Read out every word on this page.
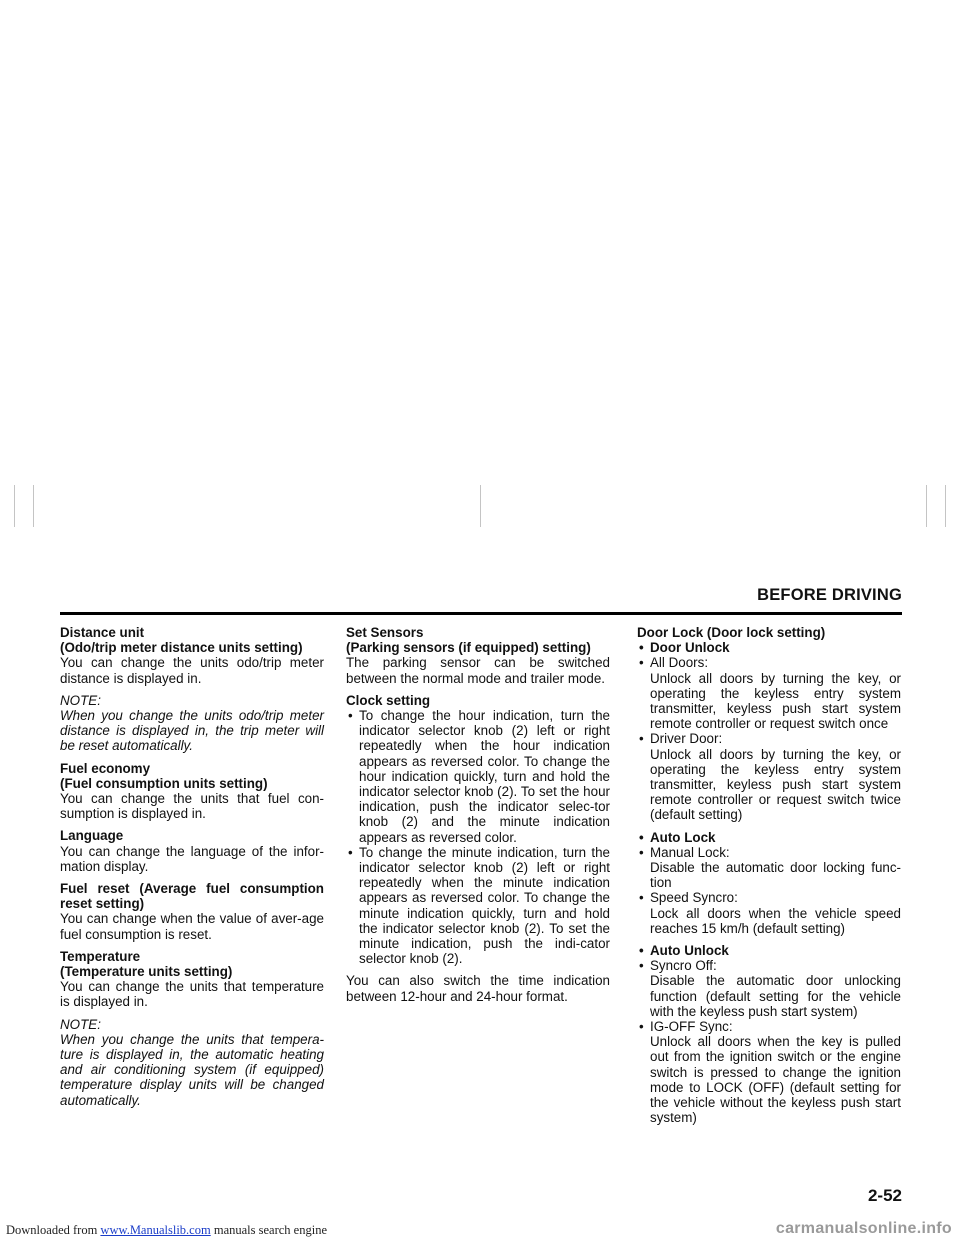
BEFORE DRIVING

Distance unit

(Odo/trip meter distance units setting)

You can change the units odo/trip meter distance is displayed in.

NOTE:
When you change the units odo/trip meter distance is displayed in, the trip meter will be reset automatically.

Fuel economy

(Fuel consumption units setting)

You can change the units that fuel con-sumption is displayed in.

Language

You can change the language of the infor-mation display.

Fuel reset (Average fuel consumption reset setting)

You can change when the value of aver-age fuel consumption is reset.

Temperature

(Temperature units setting)

You can change the units that temperature is displayed in.

NOTE:
When you change the units that tempera-ture is displayed in, the automatic heating and air conditioning system (if equipped) temperature display units will be changed automatically.

Set Sensors

(Parking sensors (if equipped) setting)

The parking sensor can be switched between the normal mode and trailer mode.

Clock setting

• To change the hour indication, turn the indicator selector knob (2) left or right repeatedly when the hour indication appears as reversed color. To change the hour indication quickly, turn and hold the indicator selector knob (2). To set the hour indication, push the indicator selec-tor knob (2) and the minute indication appears as reversed color.
• To change the minute indication, turn the indicator selector knob (2) left or right repeatedly when the minute indication appears as reversed color. To change the minute indication quickly, turn and hold the indicator selector knob (2). To set the minute indication, push the indi-cator selector knob (2).

You can also switch the time indication between 12-hour and 24-hour format.

Door Lock (Door lock setting)

• Door Unlock
• All Doors:

Unlock all doors by turning the key, or operating the keyless entry system transmitter, keyless push start system remote controller or request switch once

• Driver Door:

Unlock all doors by turning the key, or operating the keyless entry system transmitter, keyless push start system remote controller or request switch twice (default setting)

• Auto Lock
• Manual Lock:

Disable the automatic door locking func-tion

• Speed Syncro:

Lock all doors when the vehicle speed reaches 15 km/h (default setting)

• Auto Unlock
• Syncro Off:

Disable the automatic door unlocking function (default setting for the vehicle with the keyless push start system)

• IG-OFF Sync:

Unlock all doors when the key is pulled out from the ignition switch or the engine switch is pressed to change the ignition mode to LOCK (OFF) (default setting for the vehicle without the keyless push start system)

2-52
Downloaded from www.Manualslib.com manuals search engine	carmanualsonline.info
